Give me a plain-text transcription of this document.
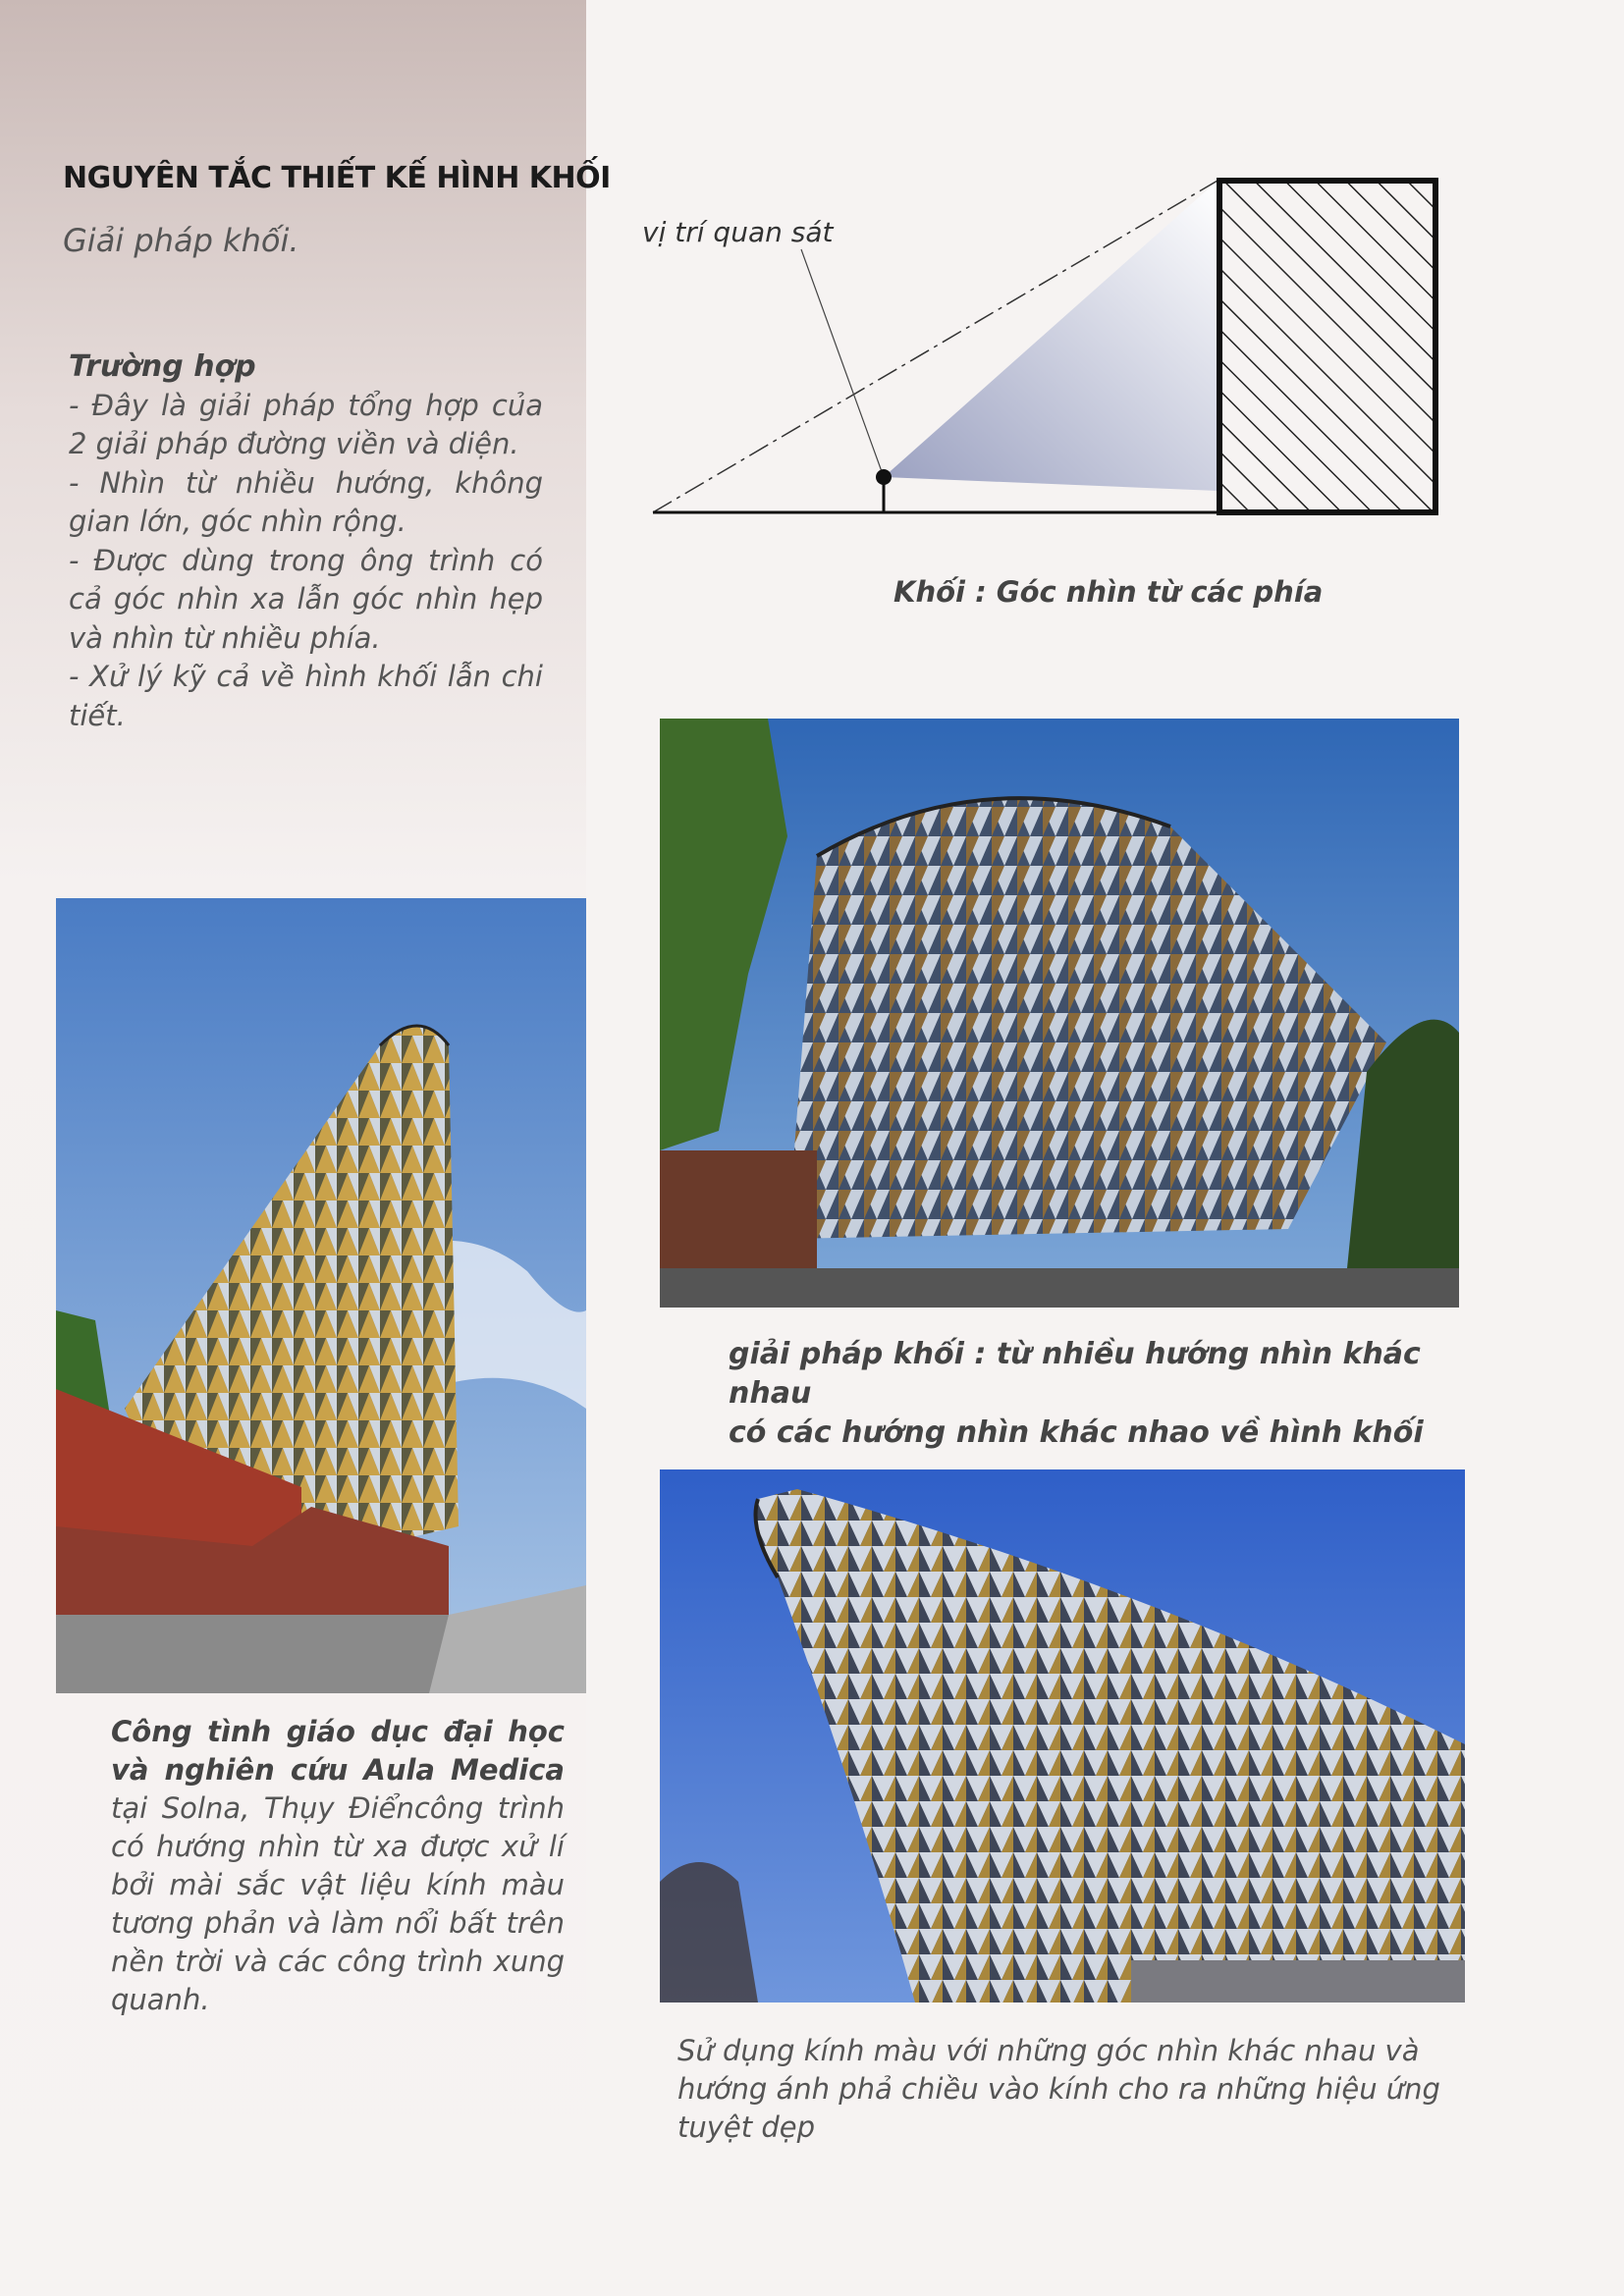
NGUYÊN TẮC THIẾT KẾ HÌNH KHỐI
Giải pháp khối.
Trường hợp

- Đây là giải pháp tổng hợp của 2 giải pháp đường viền và diện.

- Nhìn từ nhiều hướng, không gian lớn, góc nhìn rộng.

- Được dùng trong ông trình có cả góc nhìn xa lẫn góc nhìn hẹp và nhìn từ nhiều phía.

- Xử lý kỹ cả về hình khối lẫn chi tiết.

vị trí quan sát
Khối : Góc nhìn từ các phía
giải pháp khối : từ nhiều hướng nhìn khác nhau
có các hướng nhìn khác nhao về hình khối
Công tình giáo dục đại học và nghiên cứu Aula Medica tại Solna, Thụy Điểncông trình có hướng nhìn từ xa được xử lí bởi mài sắc vật liệu kính màu tương phản và làm nổi bất trên nền trời và các công trình xung quanh.
Sử dụng kính màu với những góc nhìn khác nhau và hướng ánh phả chiều vào kính cho ra những hiệu ứng tuyệt dẹp
